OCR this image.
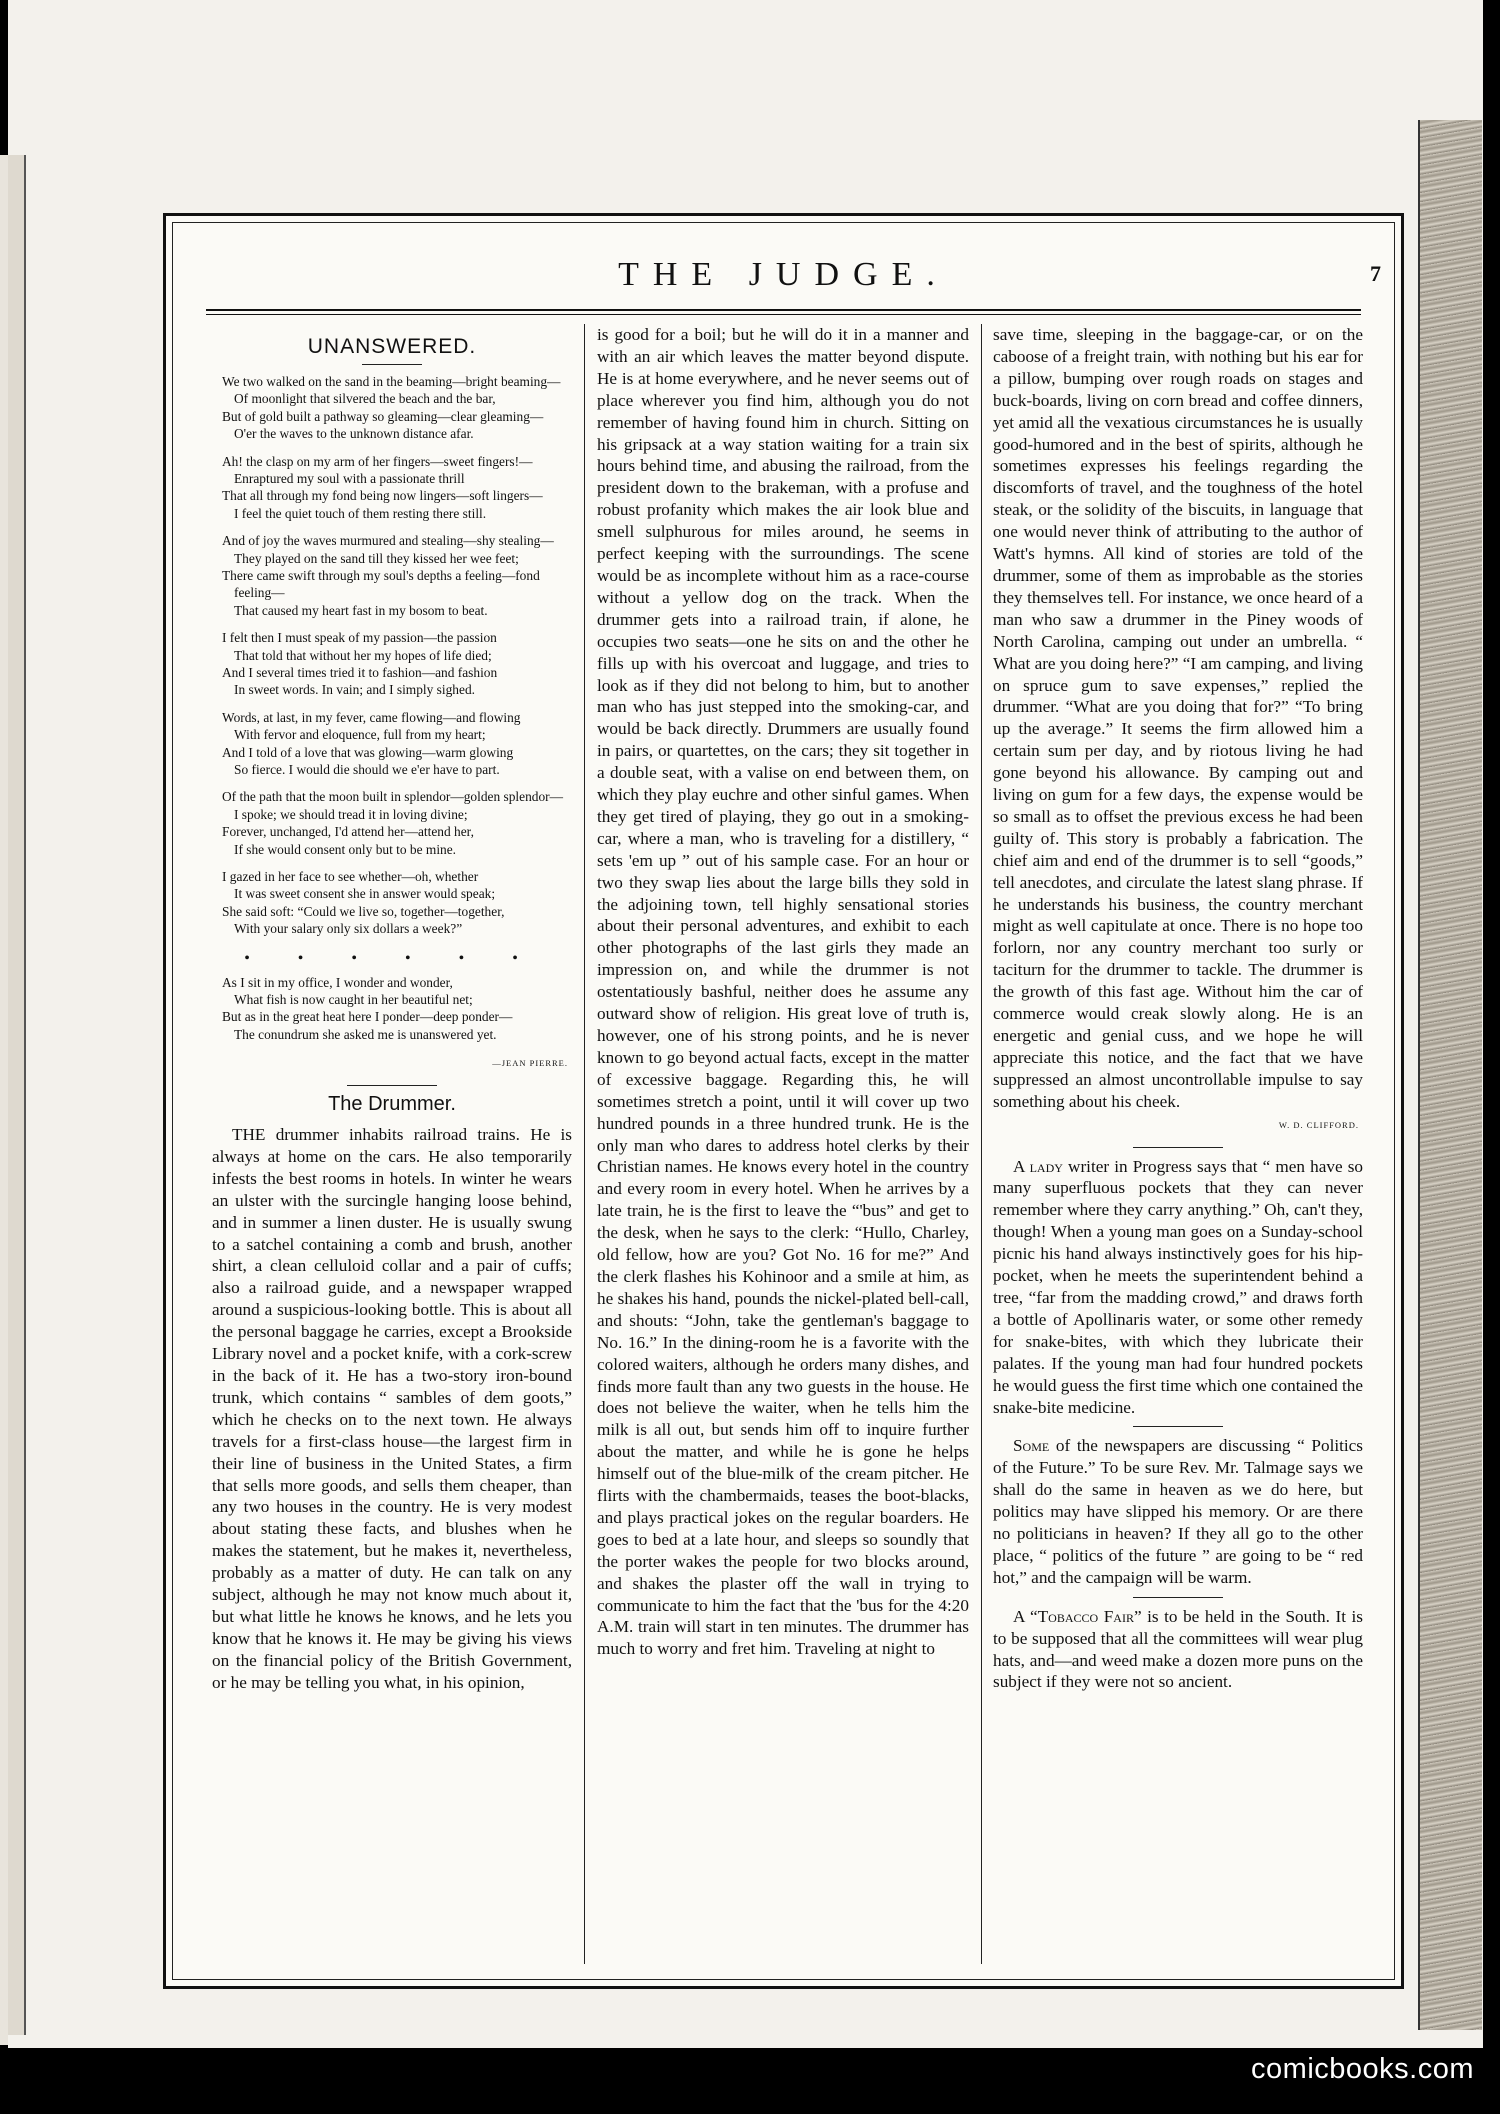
THE JUDGE.	7
UNANSWERED.
We two walked on the sand in the beaming—bright beaming—
Of moonlight that silvered the beach and the bar,
But of gold built a pathway so gleaming—clear gleaming—
O'er the waves to the unknown distance afar.
Ah! the clasp on my arm of her fingers—sweet fingers!—
Enraptured my soul with a passionate thrill
That all through my fond being now lingers—soft lingers—
I feel the quiet touch of them resting there still.
And of joy the waves murmured and stealing—shy stealing—
They played on the sand till they kissed her wee feet;
There came swift through my soul's depths a feeling—fond feeling—
That caused my heart fast in my bosom to beat.
I felt then I must speak of my passion—the passion
That told that without her my hopes of life died;
And I several times tried it to fashion—and fashion
In sweet words. In vain; and I simply sighed.
Words, at last, in my fever, came flowing—and flowing
With fervor and eloquence, full from my heart;
And I told of a love that was glowing—warm glowing
So fierce. I would die should we e'er have to part.
Of the path that the moon built in splendor—golden splendor—
I spoke; we should tread it in loving divine;
Forever, unchanged, I'd attend her—attend her,
If she would consent only but to be mine.
I gazed in her face to see whether—oh, whether
It was sweet consent she in answer would speak;
She said soft: “Could we live so, together—together,
With your salary only six dollars a week?”
• • • • • •
As I sit in my office, I wonder and wonder,
What fish is now caught in her beautiful net;
But as in the great heat here I ponder—deep ponder—
The conundrum she asked me is unanswered yet.
—JEAN PIERRE.
The Drummer.

THE drummer inhabits railroad trains. He is always at home on the cars. He also temporarily infests the best rooms in hotels. In winter he wears an ulster with the surcingle hanging loose behind, and in summer a linen duster. He is usually swung to a satchel containing a comb and brush, another shirt, a clean celluloid collar and a pair of cuffs; also a railroad guide, and a newspaper wrapped around a suspicious-looking bottle. This is about all the personal baggage he carries, except a Brookside Library novel and a pocket knife, with a cork-screw in the back of it. He has a two-story iron-bound trunk, which contains “ sambles of dem goots,” which he checks on to the next town. He always travels for a first-class house—the largest firm in their line of business in the United States, a firm that sells more goods, and sells them cheaper, than any two houses in the country. He is very modest about stating these facts, and blushes when he makes the statement, but he makes it, nevertheless, probably as a matter of duty. He can talk on any subject, although he may not know much about it, but what little he knows he knows, and he lets you know that he knows it. He may be giving his views on the financial policy of the British Government, or he may be telling you what, in his opinion,

is good for a boil; but he will do it in a manner and with an air which leaves the matter beyond dispute. He is at home everywhere, and he never seems out of place wherever you find him, although you do not remember of having found him in church. Sitting on his gripsack at a way station waiting for a train six hours behind time, and abusing the railroad, from the president down to the brakeman, with a profuse and robust profanity which makes the air look blue and smell sulphurous for miles around, he seems in perfect keeping with the surroundings. The scene would be as incomplete without him as a race-course without a yellow dog on the track. When the drummer gets into a railroad train, if alone, he occupies two seats—one he sits on and the other he fills up with his overcoat and luggage, and tries to look as if they did not belong to him, but to another man who has just stepped into the smoking-car, and would be back directly. Drummers are usually found in pairs, or quartettes, on the cars; they sit together in a double seat, with a valise on end between them, on which they play euchre and other sinful games. When they get tired of playing, they go out in a smoking-car, where a man, who is traveling for a distillery, “ sets 'em up ” out of his sample case. For an hour or two they swap lies about the large bills they sold in the adjoining town, tell highly sensational stories about their personal adventures, and exhibit to each other photographs of the last girls they made an impression on, and while the drummer is not ostentatiously bashful, neither does he assume any outward show of religion. His great love of truth is, however, one of his strong points, and he is never known to go beyond actual facts, except in the matter of excessive baggage. Regarding this, he will sometimes stretch a point, until it will cover up two hundred pounds in a three hundred trunk. He is the only man who dares to address hotel clerks by their Christian names. He knows every hotel in the country and every room in every hotel. When he arrives by a late train, he is the first to leave the “'bus” and get to the desk, when he says to the clerk: “Hullo, Charley, old fellow, how are you? Got No. 16 for me?” And the clerk flashes his Kohinoor and a smile at him, as he shakes his hand, pounds the nickel-plated bell-call, and shouts: “John, take the gentleman's baggage to No. 16.” In the dining-room he is a favorite with the colored waiters, although he orders many dishes, and finds more fault than any two guests in the house. He does not believe the waiter, when he tells him the milk is all out, but sends him off to inquire further about the matter, and while he is gone he helps himself out of the blue-milk of the cream pitcher. He flirts with the chambermaids, teases the boot-blacks, and plays practical jokes on the regular boarders. He goes to bed at a late hour, and sleeps so soundly that the porter wakes the people for two blocks around, and shakes the plaster off the wall in trying to communicate to him the fact that the 'bus for the 4:20 A.M. train will start in ten minutes. The drummer has much to worry and fret him. Traveling at night to

save time, sleeping in the baggage-car, or on the caboose of a freight train, with nothing but his ear for a pillow, bumping over rough roads on stages and buck-boards, living on corn bread and coffee dinners, yet amid all the vexatious circumstances he is usually good-humored and in the best of spirits, although he sometimes expresses his feelings regarding the discomforts of travel, and the toughness of the hotel steak, or the solidity of the biscuits, in language that one would never think of attributing to the author of Watt's hymns. All kind of stories are told of the drummer, some of them as improbable as the stories they themselves tell. For instance, we once heard of a man who saw a drummer in the Piney woods of North Carolina, camping out under an umbrella. “ What are you doing here?” “I am camping, and living on spruce gum to save expenses,” replied the drummer. “What are you doing that for?” “To bring up the average.” It seems the firm allowed him a certain sum per day, and by riotous living he had gone beyond his allowance. By camping out and living on gum for a few days, the expense would be so small as to offset the previous excess he had been guilty of. This story is probably a fabrication. The chief aim and end of the drummer is to sell “goods,” tell anecdotes, and circulate the latest slang phrase. If he understands his business, the country merchant might as well capitulate at once. There is no hope too forlorn, nor any country merchant too surly or taciturn for the drummer to tackle. The drummer is the growth of this fast age. Without him the car of commerce would creak slowly along. He is an energetic and genial cuss, and we hope he will appreciate this notice, and the fact that we have suppressed an almost uncontrollable impulse to say something about his cheek.

W. D. CLIFFORD.

A lady writer in Progress says that “ men have so many superfluous pockets that they can never remember where they carry anything.” Oh, can't they, though! When a young man goes on a Sunday-school picnic his hand always instinctively goes for his hip-pocket, when he meets the superintendent behind a tree, “far from the madding crowd,” and draws forth a bottle of Apollinaris water, or some other remedy for snake-bites, with which they lubricate their palates. If the young man had four hundred pockets he would guess the first time which one contained the snake-bite medicine.

Some of the newspapers are discussing “ Politics of the Future.” To be sure Rev. Mr. Talmage says we shall do the same in heaven as we do here, but politics may have slipped his memory. Or are there no politicians in heaven? If they all go to the other place, “ politics of the future ” are going to be “ red hot,” and the campaign will be warm.

A “Tobacco Fair” is to be held in the South. It is to be supposed that all the committees will wear plug hats, and—and weed make a dozen more puns on the subject if they were not so ancient.

comicbooks.com
